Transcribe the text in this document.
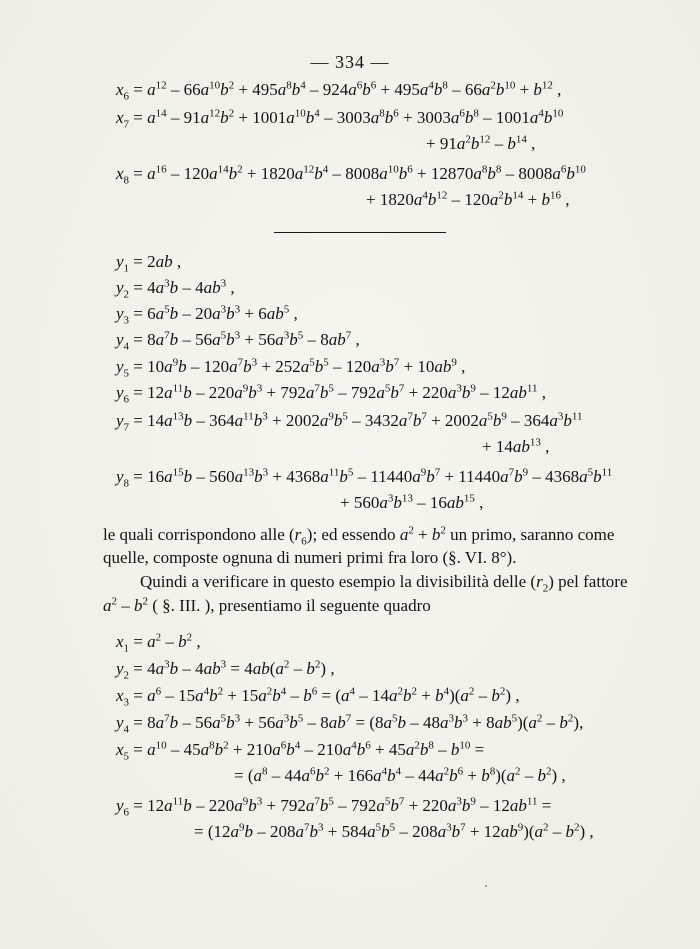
— 334 —
$x_6 = a^{12} - 66a^{10}b^2 + 495a^8b^4 - 924a^6b^6 + 495a^4b^8 - 66a^2b^{10} + b^{12}$ ,
$x_7 = a^{14} - 91a^{12}b^2 + 1001a^{10}b^4 - 3003a^8b^6 + 3003a^6b^8 - 1001a^4b^{10}$
+ $91a^2b^{12} - b^{14}$ ,
$x_8 = a^{16} - 120a^{14}b^2 + 1820a^{12}b^4 - 8008a^{10}b^6 + 12870a^8b^8 - 8008a^6b^{10}$
+ $1820a^4b^{12} - 120a^2b^{14} + b^{16}$ ,
$y_1 = 2ab$ ,
$y_2 = 4a^3b - 4ab^3$ ,
$y_3 = 6a^5b - 20a^3b^3 + 6ab^5$ ,
$y_4 = 8a^7b - 56a^5b^3 + 56a^3b^5 - 8ab^7$ ,
$y_5 = 10a^9b - 120a^7b^3 + 252a^5b^5 - 120a^3b^7 + 10ab^9$ ,
$y_6 = 12a^{11}b - 220a^9b^3 + 792a^7b^5 - 792a^5b^7 + 220a^3b^9 - 12ab^{11}$ ,
$y_7 = 14a^{13}b - 364a^{11}b^3 + 2002a^9b^5 - 3432a^7b^7 + 2002a^5b^9 - 364a^3b^{11}$
+ $14ab^{13}$ ,
$y_8 = 16a^{15}b - 560a^{13}b^3 + 4368a^{11}b^5 - 11440a^9b^7 + 11440a^7b^9 - 4368a^5b^{11}$
+ $560a^3b^{13} - 16ab^{15}$ ,
le quali corrispondono alle $(r_6)$; ed essendo $a^2 + b^2$ un primo, saranno come
quelle, composte ognuna di numeri primi fra loro (§. VI. 8°).
Quindi a verificare in questo esempio la divisibilità delle $(r_2)$ pel fattore
$a^2 - b^2$ ( §. III. ), presentiamo il seguente quadro
$x_1 = a^2 - b^2$ ,
$y_2 = 4a^3b - 4ab^3 = 4ab(a^2 - b^2)$ ,
$x_3 = a^6 - 15a^4b^2 + 15a^2b^4 - b^6 = (a^4 - 14a^2b^2 + b^4)(a^2 - b^2)$ ,
$y_4 = 8a^7b - 56a^5b^3 + 56a^3b^5 - 8ab^7 = (8a^5b - 48a^3b^3 + 8ab^5)(a^2 - b^2)$,
$x_5 = a^{10} - 45a^8b^2 + 210a^6b^4 - 210a^4b^6 + 45a^2b^8 - b^{10}$ =
= $(a^8 - 44a^6b^2 + 166a^4b^4 - 44a^2b^6 + b^8)(a^2 - b^2)$ ,
$y_6 = 12a^{11}b - 220a^9b^3 + 792a^7b^5 - 792a^5b^7 + 220a^3b^9 - 12ab^{11}$ =
= $(12a^9b - 208a^7b^3 + 584a^5b^5 - 208a^3b^7 + 12ab^9)(a^2 - b^2)$ ,
